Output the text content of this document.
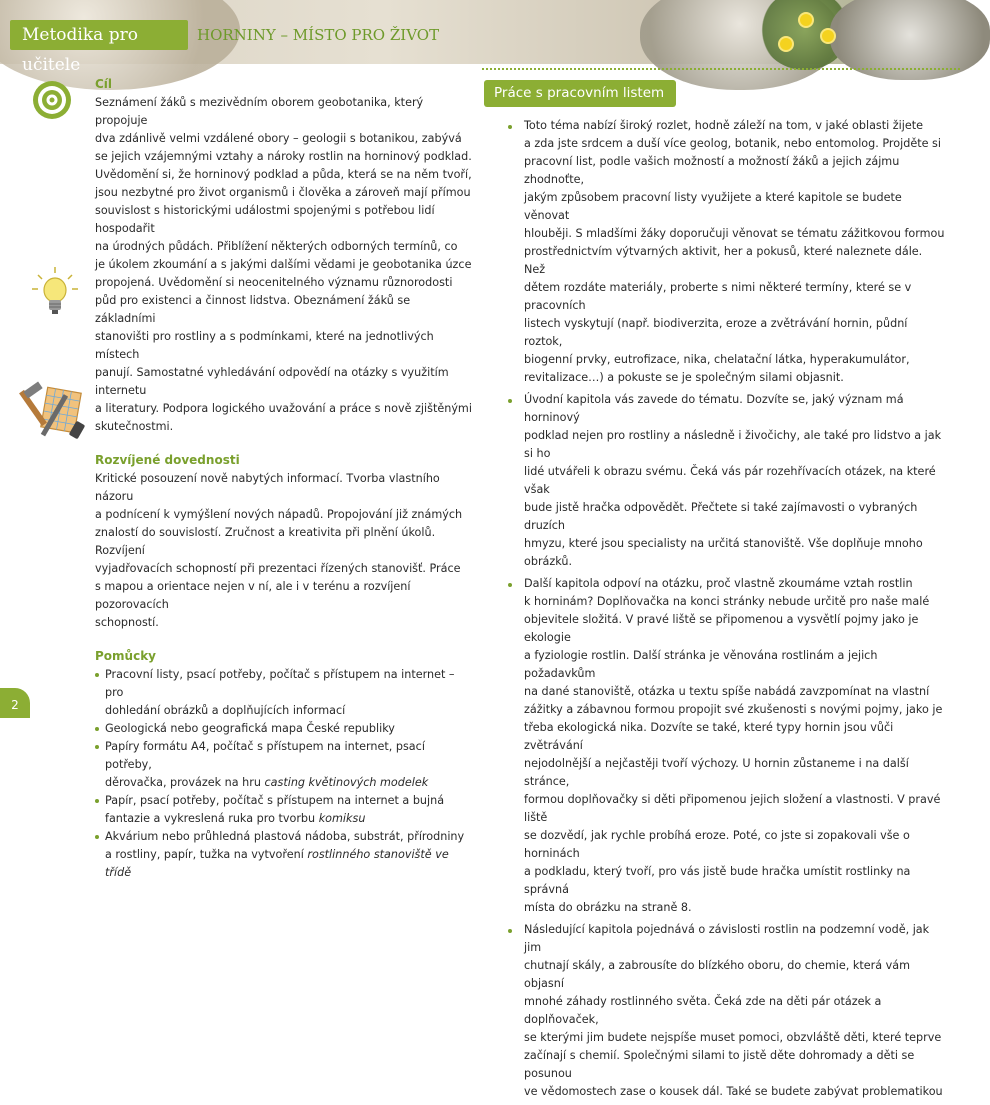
Metodika pro učitele
HORNINY – MÍSTO PRO ŽIVOT
Cíl

Seznámení žáků s mezivědním oborem geobotanika, který propojuje
dva zdánlivě velmi vzdálené obory – geologii s botanikou, zabývá
se jejich vzájemnými vztahy a nároky rostlin na horninový podklad.

Uvědomění si, že horninový podklad a půda, která se na něm tvoří,
jsou nezbytné pro život organismů i člověka a zároveň mají přímou
souvislost s historickými událostmi spojenými s potřebou lidí hospodařit
na úrodných půdách. Přiblížení některých odborných termínů, co
je úkolem zkoumání a s jakými dalšími vědami je geobotanika úzce
propojená. Uvědomění si neocenitelného významu různorodosti
půd pro existenci a činnost lidstva. Obeznámení žáků se základními
stanovišti pro rostliny a s podmínkami, které na jednotlivých místech
panují. Samostatné vyhledávání odpovědí na otázky s využitím internetu
a literatury. Podpora logického uvažování a práce s nově zjištěnými
skutečnostmi.

Rozvíjené dovednosti

Kritické posouzení nově nabytých informací. Tvorba vlastního názoru
a podnícení k vymýšlení nových nápadů. Propojování již známých
znalostí do souvislostí. Zručnost a kreativita při plnění úkolů. Rozvíjení
vyjadřovacích schopností při prezentaci řízených stanovišť. Práce
s mapou a orientace nejen v ní, ale i v terénu a rozvíjení pozorovacích
schopností.

Pomůcky
Pracovní listy, psací potřeby, počítač s přístupem na internet – pro
dohledání obrázků a doplňujících informací
Geologická nebo geografická mapa České republiky
Papíry formátu A4, počítač s přístupem na internet, psací potřeby,
děrovačka, provázek na hru casting květinových modelek
Papír, psací potřeby, počítač s přístupem na internet a bujná
fantazie a vykreslená ruka pro tvorbu komiksu
Akvárium nebo průhledná plastová nádoba, substrát, přírodniny
a rostliny, papír, tužka na vytvoření rostlinného stanoviště ve třídě
Práce s pracovním listem
Toto téma nabízí široký rozlet, hodně záleží na tom, v jaké oblasti žijete
a zda jste srdcem a duší více geolog, botanik, nebo entomolog. Projděte si
pracovní list, podle vašich možností a možností žáků a jejich zájmu zhodnoťte,
jakým způsobem pracovní listy využijete a které kapitole se budete věnovat
hlouběji. S mladšími žáky doporučuji věnovat se tématu zážitkovou formou
prostřednictvím výtvarných aktivit, her a pokusů, které naleznete dále. Než
dětem rozdáte materiály, proberte s nimi některé termíny, které se v pracovních
listech vyskytují (např. biodiverzita, eroze a zvětrávání hornin, půdní roztok,
biogenní prvky, eutrofizace, nika, chelatační látka, hyperakumulátor,
revitalizace…) a pokuste se je společným silami objasnit.
Úvodní kapitola vás zavede do tématu. Dozvíte se, jaký význam má horninový
podklad nejen pro rostliny a následně i živočichy, ale také pro lidstvo a jak si ho
lidé utvářeli k obrazu svému. Čeká vás pár rozehřívacích otázek, na které však
bude jistě hračka odpovědět. Přečtete si také zajímavosti o vybraných druzích
hmyzu, které jsou specialisty na určitá stanoviště. Vše doplňuje mnoho obrázků.
Další kapitola odpoví na otázku, proč vlastně zkoumáme vztah rostlin
k horninám? Doplňovačka na konci stránky nebude určitě pro naše malé
objevitele složitá. V pravé liště se připomenou a vysvětlí pojmy jako je ekologie
a fyziologie rostlin. Další stránka je věnována rostlinám a jejich požadavkům
na dané stanoviště, otázka u textu spíše nabádá zavzpomínat na vlastní
zážitky a zábavnou formou propojit své zkušenosti s novými pojmy, jako je
třeba ekologická nika. Dozvíte se také, které typy hornin jsou vůči zvětrávání
nejodolnější a nejčastěji tvoří výchozy. U hornin zůstaneme i na další stránce,
formou doplňovačky si děti připomenou jejich složení a vlastnosti. V pravé liště
se dozvědí, jak rychle probíhá eroze. Poté, co jste si zopakovali vše o horninách
a podkladu, který tvoří, pro vás jistě bude hračka umístit rostlinky na správná
místa do obrázku na straně 8.
Následující kapitola pojednává o závislosti rostlin na podzemní vodě, jak jim
chutnají skály, a zabrousíte do blízkého oboru, do chemie, která vám objasní
mnohé záhady rostlinného světa. Čeká zde na děti pár otázek a doplňovaček,
se kterými jim budete nejspíše muset pomoci, obzvláště děti, které teprve
začínají s chemií. Společnými silami to jistě děte dohromady a děti se posunou
ve vědomostech zase o kousek dál. Také se budete zabývat problematikou
2
